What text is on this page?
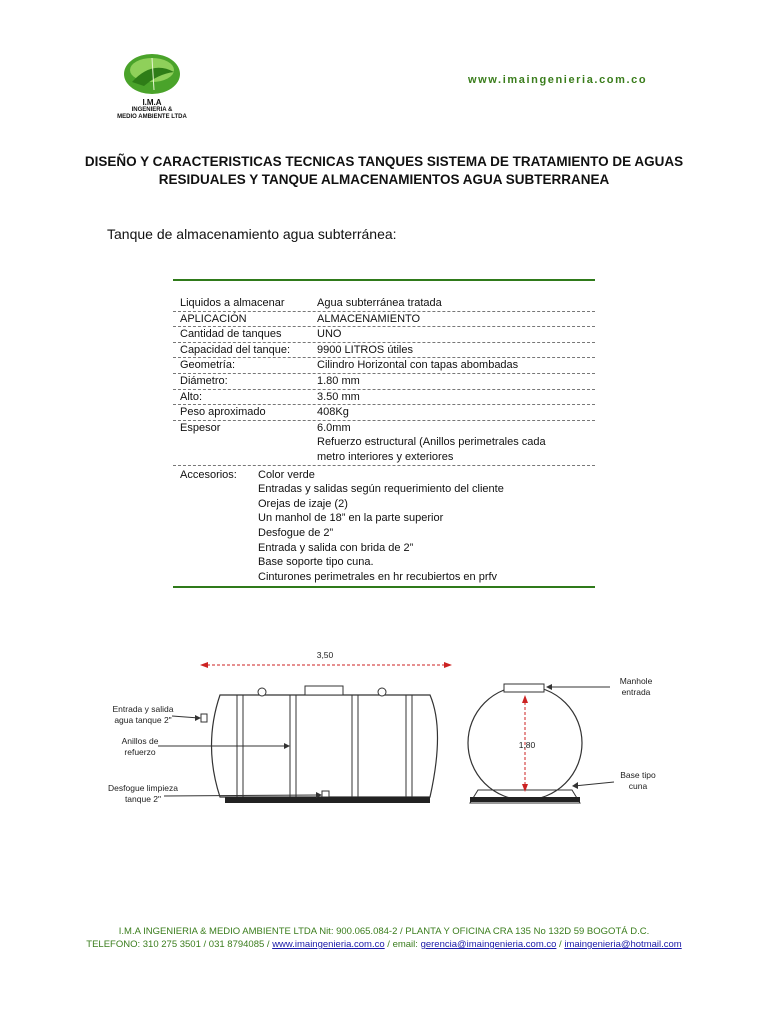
I.M.A
INGENIERIA &
MEDIO AMBIENTE LTDA
www.imaingenieria.com.co
DISEÑO Y CARACTERISTICAS TECNICAS TANQUES SISTEMA DE TRATAMIENTO DE AGUAS
RESIDUALES Y TANQUE ALMACENAMIENTOS AGUA SUBTERRANEA
Tanque de almacenamiento agua subterránea:
Liquidos a almacenar	Agua subterránea tratada
APLICACIÓN	ALMACENAMIENTO
Cantidad de tanques	UNO
Capacidad del tanque:	9900 LITROS útiles
Geometría:	Cilindro Horizontal con tapas abombadas
Diámetro:	1.80 mm
Alto:	3.50 mm
Peso aproximado	408Kg
Espesor	6.0mm
Refuerzo estructural (Anillos perimetrales cada
metro interiores y exteriores
Accesorios:	Color verde
Entradas y salidas según requerimiento del cliente
Orejas de izaje (2)
Un manhol de 18” en la parte superior
Desfogue de 2”
Entrada y salida con brida de 2”
Base soporte tipo cuna.
Cinturones perimetrales en hr recubiertos en prfv
3,50
1,80
Entrada y salida
agua tanque 2"
Anillos de
refuerzo
Desfogue limpieza
tanque 2"
Manhole
entrada
Base tipo
cuna
I.M.A INGENIERIA & MEDIO AMBIENTE LTDA Nit: 900.065.084-2 / PLANTA Y OFICINA CRA 135 No 132D 59 BOGOTÁ D.C.
TELEFONO: 310 275 3501 / 031 8794085 / www.imaingenieria.com.co / email: gerencia@imaingenieria.com.co / imaingenieria@hotmail.com
